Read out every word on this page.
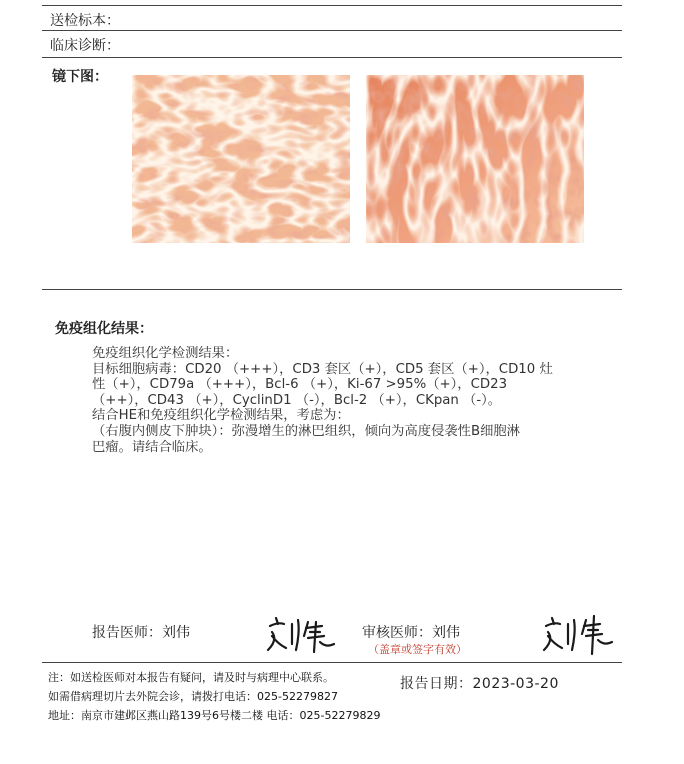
送检标本：
临床诊断：
镜下图：
免疫组化结果：

免疫组织化学检测结果：

目标细胞病毒：CD20 （+++），CD3 套区（+），CD5 套区（+），CD10 灶

性（+），CD79a （+++），Bcl-6 （+），Ki-67 >95%（+），CD23

（++），CD43 （+），CyclinD1 （-），Bcl-2 （+），CKpan （-）。

结合HE和免疫组织化学检测结果，考虑为：

（右腹内侧皮下肿块）：弥漫增生的淋巴组织，倾向为高度侵袭性B细胞淋

巴瘤。请结合临床。

报告医师：刘伟	审核医师：刘伟
（盖章或签字有效）
注：如送检医师对本报告有疑问，请及时与病理中心联系。
如需借病理切片去外院会诊，请拨打电话：025-52279827
地址：南京市建邺区燕山路139号6号楼二楼 电话：025-52279829
报告日期：2023-03-20
